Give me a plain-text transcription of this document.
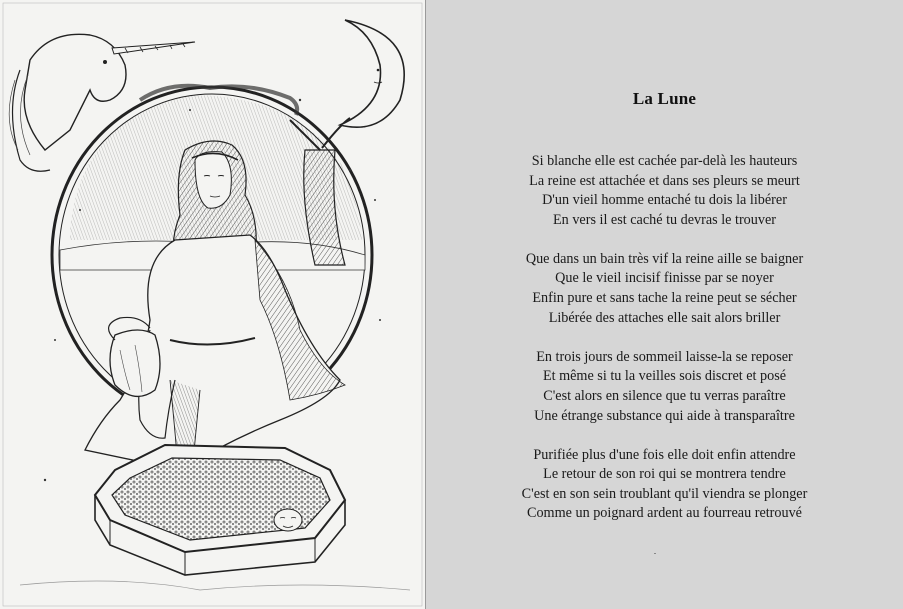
La Lune
Si blanche elle est cachée par-delà les hauteurs
La reine est attachée et dans ses pleurs se meurt
D'un vieil homme entaché tu dois la libérer
En vers il est caché tu devras le trouver
Que dans un bain très vif la reine aille se baigner
Que le vieil incisif finisse par se noyer
Enfin pure et sans tache la reine peut se sécher
Libérée des attaches elle sait alors briller
En trois jours de sommeil laisse-la se reposer
Et même si tu la veilles sois discret et posé
C'est alors en silence que tu verras paraître
Une étrange substance qui aide à transparaître
Purifiée plus d'une fois elle doit enfin attendre
Le retour de son roi qui se montrera tendre
C'est en son sein troublant qu'il viendra se plonger
Comme un poignard ardent au fourreau retrouvé
